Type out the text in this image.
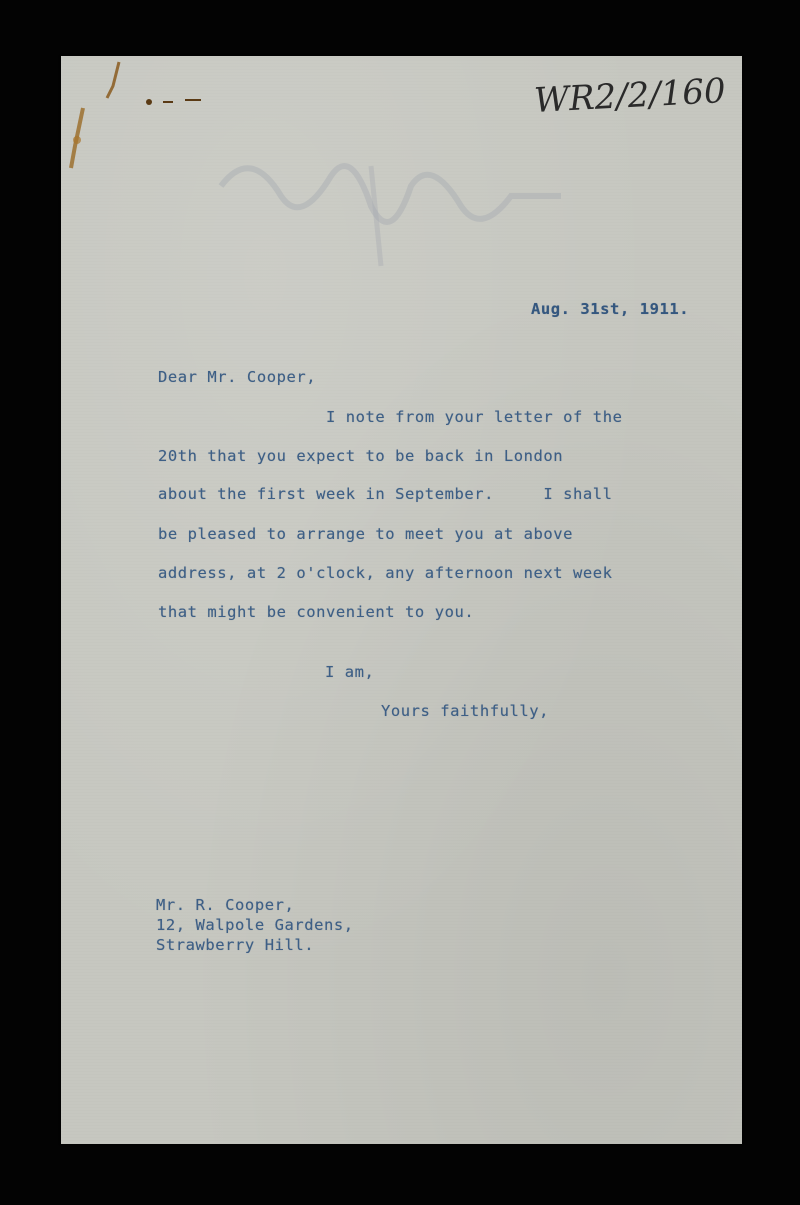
WR2/2/160
Aug. 31st, 1911.
Dear Mr. Cooper,
I note from your letter of the
20th that you expect to be back in London
about the first week in September.     I shall
be pleased to arrange to meet you at above
address, at 2 o'clock, any afternoon next week
that might be convenient to you.
I am,
Yours faithfully,
Mr. R. Cooper,
12, Walpole Gardens,
Strawberry Hill.
